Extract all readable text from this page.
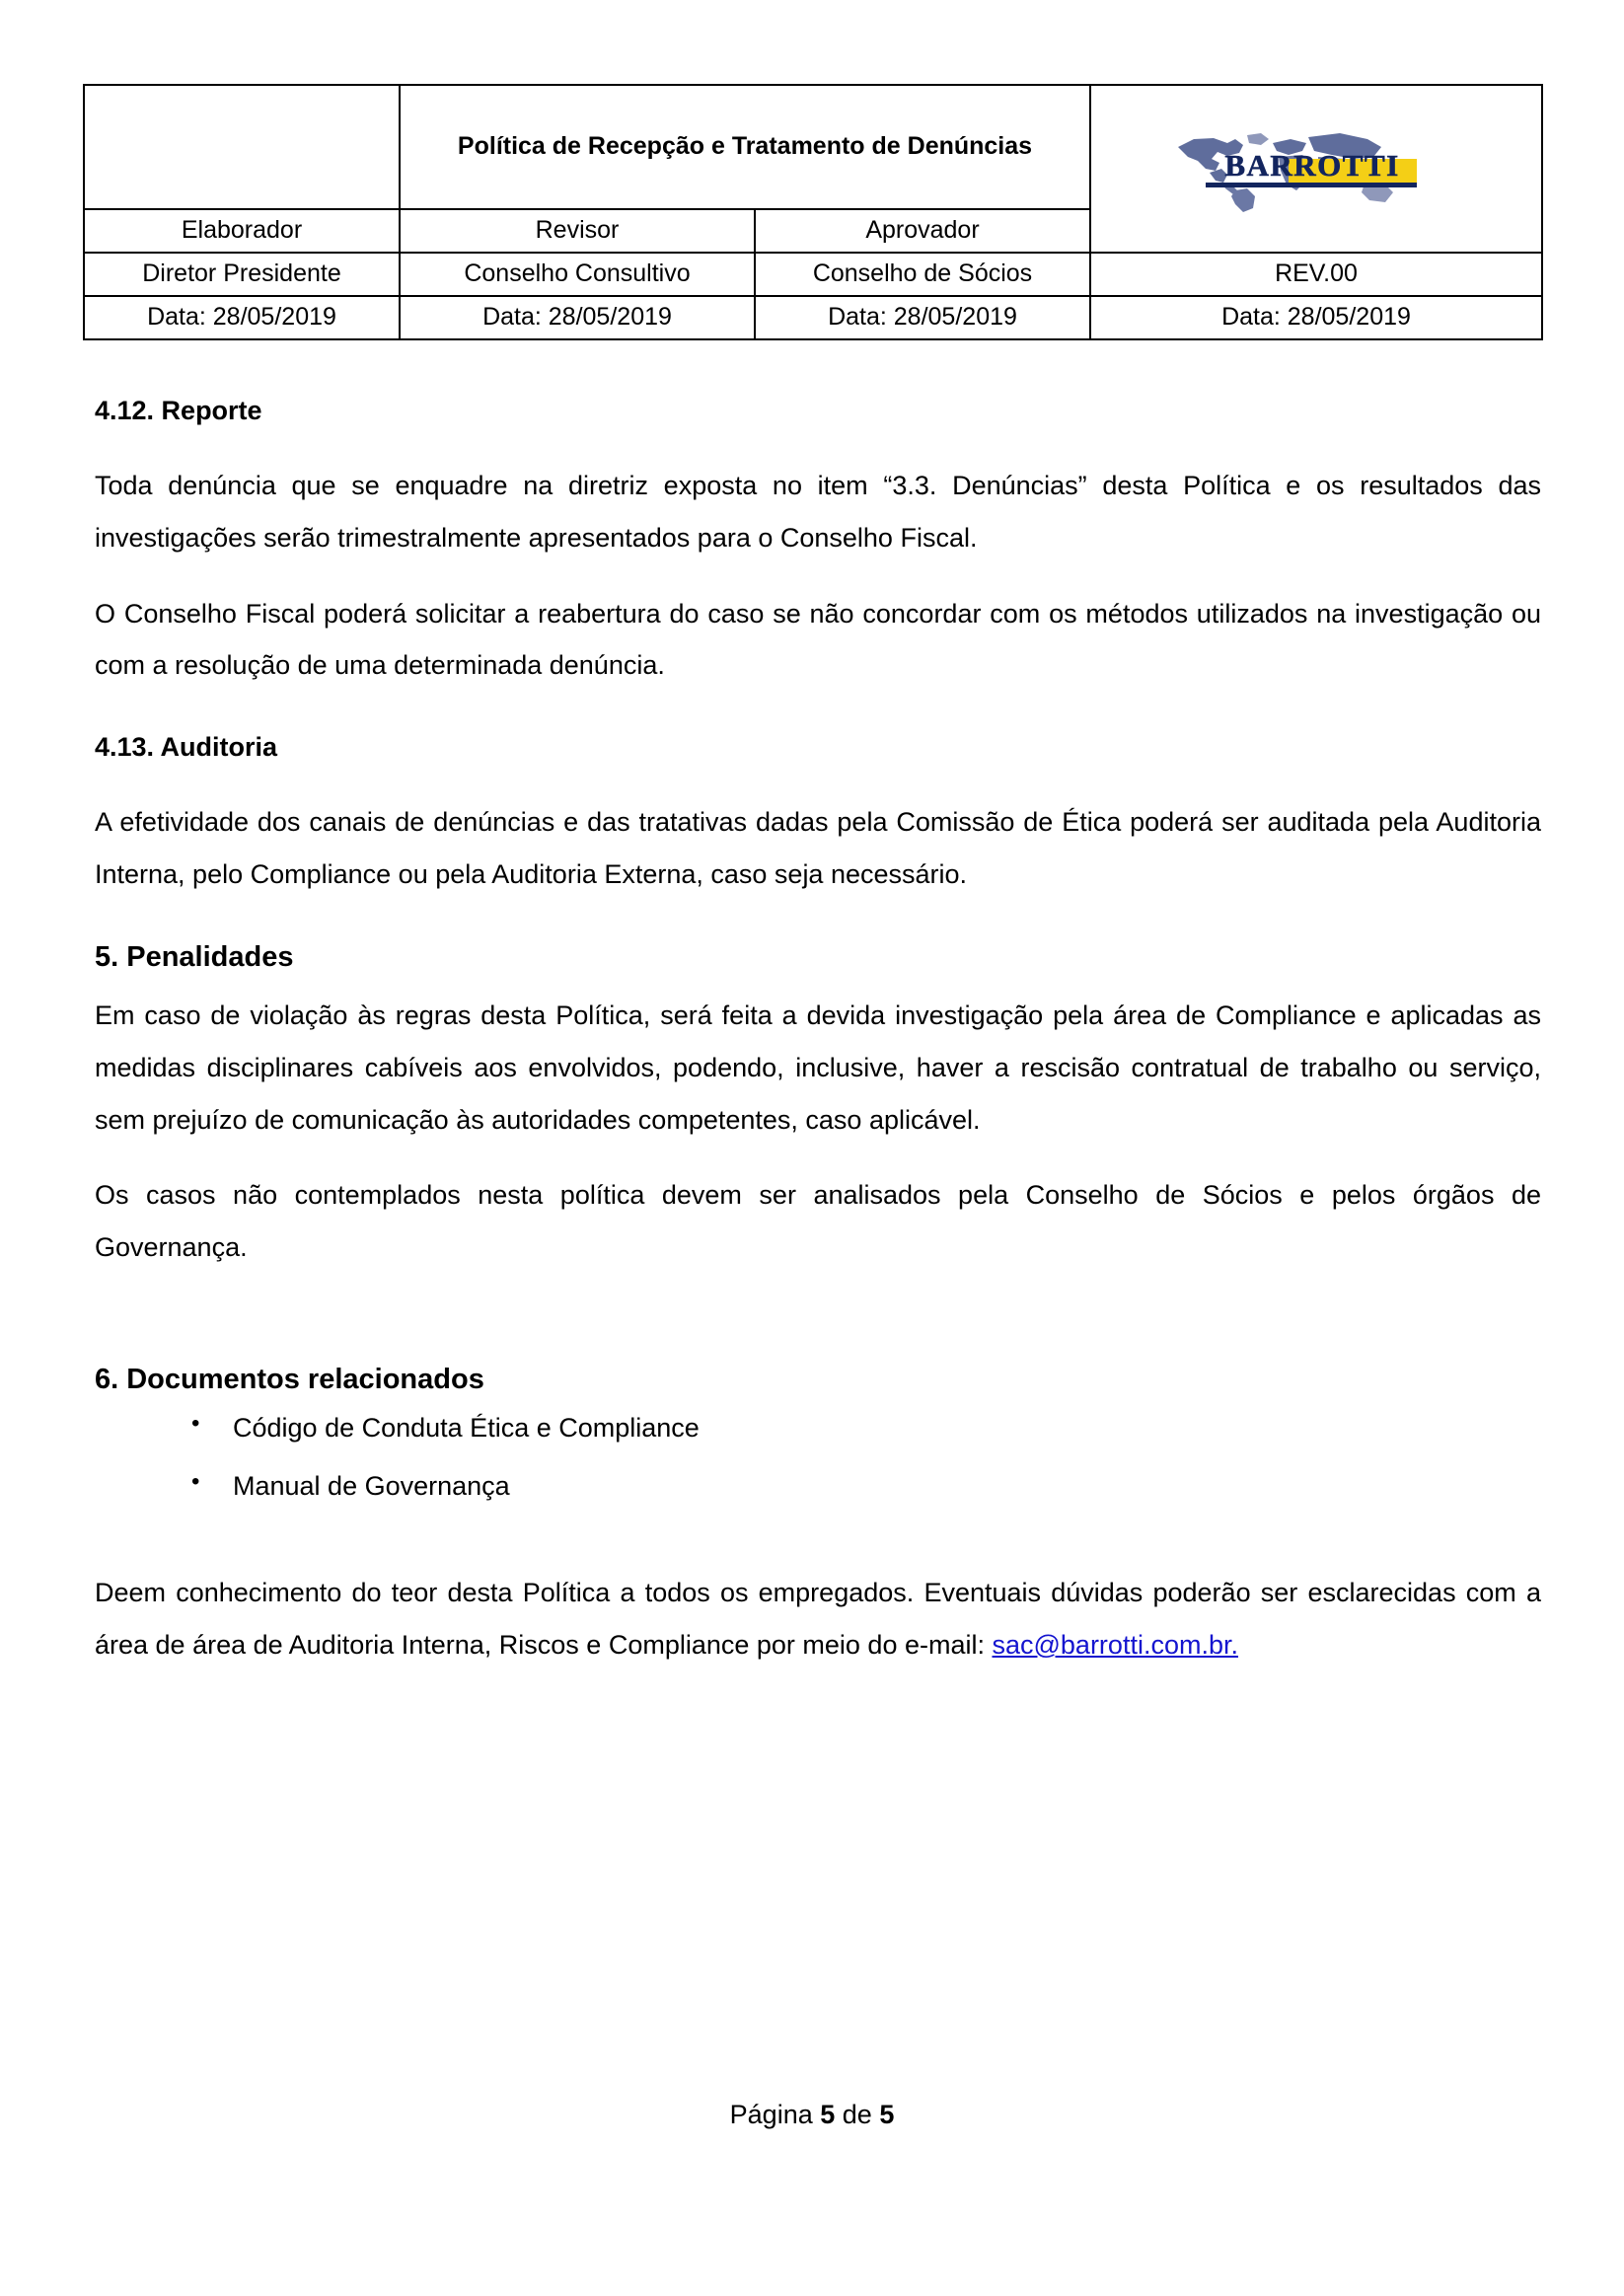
	Política de Recepção e Tratamento de Denúncias		BARROTTI

Elaborador	Revisor	Aprovador	
Diretor Presidente	Conselho Consultivo	Conselho de Sócios	REV.00
Data: 28/05/2019	Data: 28/05/2019	Data: 28/05/2019	Data: 28/05/2019
4.12. Reporte

Toda denúncia que se enquadre na diretriz exposta no item “3.3. Denúncias” desta Política e os resultados das investigações serão trimestralmente apresentados para o Conselho Fiscal.

O Conselho Fiscal poderá solicitar a reabertura do caso se não concordar com os métodos utilizados na investigação ou com a resolução de uma determinada denúncia.

4.13. Auditoria

A efetividade dos canais de denúncias e das tratativas dadas pela Comissão de Ética poderá ser auditada pela Auditoria Interna, pelo Compliance ou pela Auditoria Externa, caso seja necessário.

5. Penalidades

Em caso de violação às regras desta Política, será feita a devida investigação pela área de Compliance e aplicadas as medidas disciplinares cabíveis aos envolvidos, podendo, inclusive, haver a rescisão contratual de trabalho ou serviço, sem prejuízo de comunicação às autoridades competentes, caso aplicável.

Os casos não contemplados nesta política devem ser analisados pela Conselho de Sócios e pelos órgãos de Governança.

6. Documentos relacionados
• Código de Conduta Ética e Compliance
• Manual de Governança

Deem conhecimento do teor desta Política a todos os empregados. Eventuais dúvidas poderão ser esclarecidas com a área de área de Auditoria Interna, Riscos e Compliance por meio do e-mail: sac@barrotti.com.br.

Página 5 de 5
